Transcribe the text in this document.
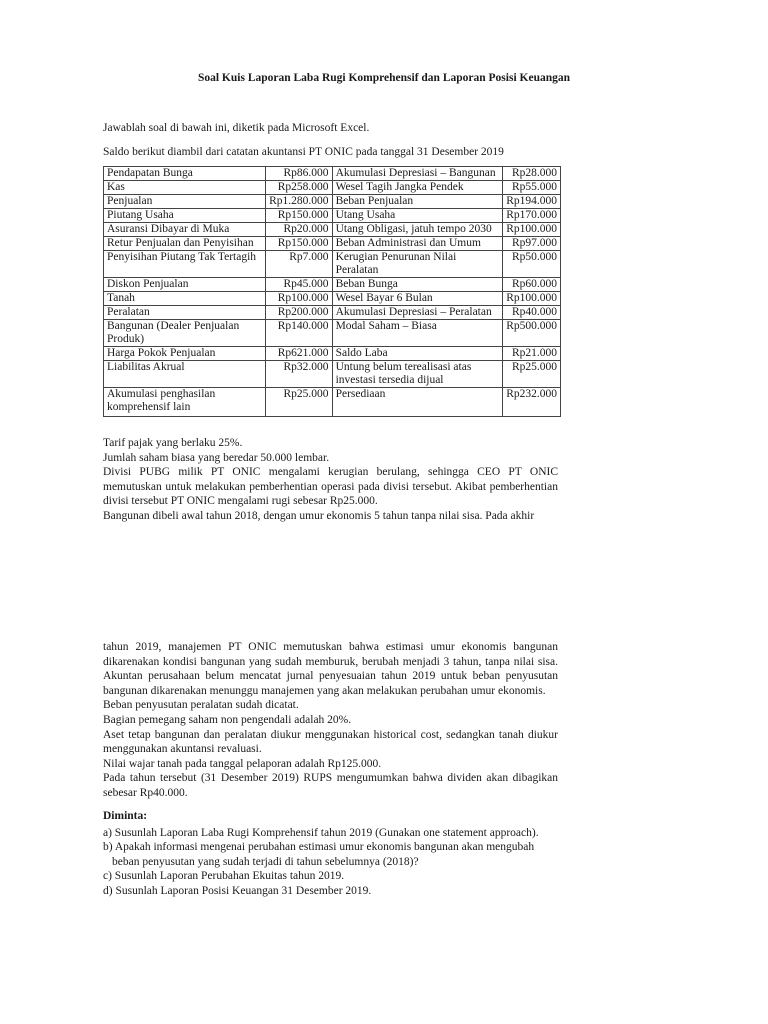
Soal Kuis Laporan Laba Rugi Komprehensif dan Laporan Posisi Keuangan
Jawablah soal di bawah ini, diketik pada Microsoft Excel.
Saldo berikut diambil dari catatan akuntansi PT ONIC pada tanggal 31 Desember 2019
Pendapatan Bunga	Rp86.000	Akumulasi Depresiasi – Bangunan	Rp28.000
Kas	Rp258.000	Wesel Tagih Jangka Pendek	Rp55.000
Penjualan	Rp1.280.000	Beban Penjualan	Rp194.000
Piutang Usaha	Rp150.000	Utang Usaha	Rp170.000
Asuransi Dibayar di Muka	Rp20.000	Utang Obligasi, jatuh tempo 2030	Rp100.000
Retur Penjualan dan Penyisihan	Rp150.000	Beban Administrasi dan Umum	Rp97.000
Penyisihan Piutang Tak Tertagih	Rp7.000	Kerugian Penurunan Nilai Peralatan	Rp50.000
Diskon Penjualan	Rp45.000	Beban Bunga	Rp60.000
Tanah	Rp100.000	Wesel Bayar 6 Bulan	Rp100.000
Peralatan	Rp200.000	Akumulasi Depresiasi – Peralatan	Rp40.000
Bangunan (Dealer Penjualan Produk)	Rp140.000	Modal Saham – Biasa	Rp500.000
Harga Pokok Penjualan	Rp621.000	Saldo Laba	Rp21.000
Liabilitas Akrual	Rp32.000	Untung belum terealisasi atas investasi tersedia dijual	Rp25.000
Akumulasi penghasilan komprehensif lain	Rp25.000	Persediaan	Rp232.000

Tarif pajak yang berlaku 25%.

Jumlah saham biasa yang beredar 50.000 lembar.

Divisi PUBG milik PT ONIC mengalami kerugian berulang, sehingga CEO PT ONIC memutuskan untuk melakukan pemberhentian operasi pada divisi tersebut. Akibat pemberhentian divisi tersebut PT ONIC mengalami rugi sebesar Rp25.000.

Bangunan dibeli awal tahun 2018, dengan umur ekonomis 5 tahun tanpa nilai sisa. Pada akhir

tahun 2019, manajemen PT ONIC memutuskan bahwa estimasi umur ekonomis bangunan dikarenakan kondisi bangunan yang sudah memburuk, berubah menjadi 3 tahun, tanpa nilai sisa. Akuntan perusahaan belum mencatat jurnal penyesuaian tahun 2019 untuk beban penyusutan bangunan dikarenakan menunggu manajemen yang akan melakukan perubahan umur ekonomis.

Beban penyusutan peralatan sudah dicatat.

Bagian pemegang saham non pengendali adalah 20%.

Aset tetap bangunan dan peralatan diukur menggunakan historical cost, sedangkan tanah diukur menggunakan akuntansi revaluasi.

Nilai wajar tanah pada tanggal pelaporan adalah Rp125.000.

Pada tahun tersebut (31 Desember 2019) RUPS mengumumkan bahwa dividen akan dibagikan sebesar Rp40.000.

Diminta:
a) Susunlah Laporan Laba Rugi Komprehensif tahun 2019 (Gunakan one statement approach).
b) Apakah informasi mengenai perubahan estimasi umur ekonomis bangunan akan mengubah
beban penyusutan yang sudah terjadi di tahun sebelumnya (2018)?
c) Susunlah Laporan Perubahan Ekuitas tahun 2019.
d) Susunlah Laporan Posisi Keuangan 31 Desember 2019.
